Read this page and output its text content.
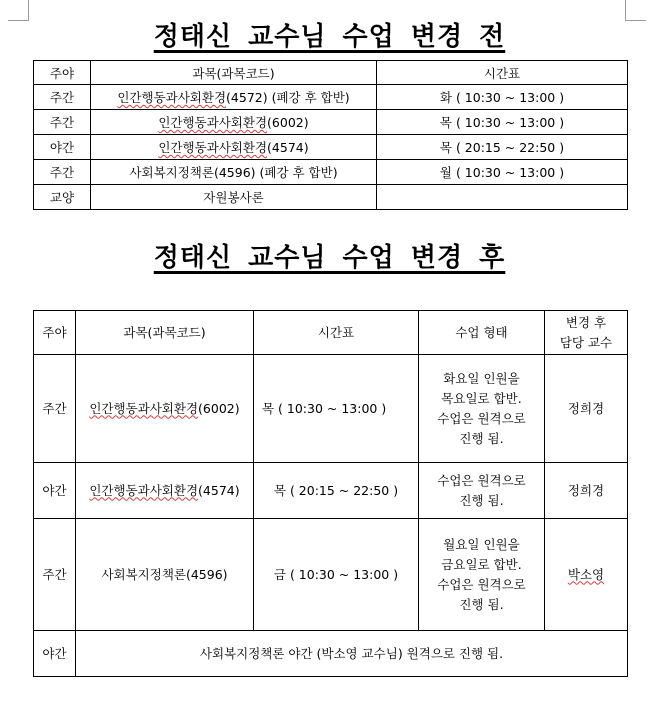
정태신 교수님 수업 변경 전
주야	과목(과목코드)	시간표
주간	인간행동과사회환경(4572) (폐강 후 합반)	화 ( 10:30 ~ 13:00 )
주간	인간행동과사회환경(6002)	목 ( 10:30 ~ 13:00 )
야간	인간행동과사회환경(4574)	목 ( 20:15 ~ 22:50 )
주간	사회복지정책론(4596) (폐강 후 합반)	월 ( 10:30 ~ 13:00 )
교양	자원봉사론	
정태신 교수님 수업 변경 후
주야	과목(과목코드)	시간표	수업 형태	변경 후
담당 교수

주간	인간행동과사회환경(6002)	목 ( 10:30 ~ 13:00 )	화요일 인원을
목요일로 합반.
수업은 원격으로
진행 됨.	정희경
야간	인간행동과사회환경(4574)	목 ( 20:15 ~ 22:50 )	수업은 원격으로
진행 됨.	정희경
주간	사회복지정책론(4596)	금 ( 10:30 ~ 13:00 )	월요일 인원을
금요일로 합반.
수업은 원격으로
진행 됨.	박소영
야간	사회복지정책론 야간 (박소영 교수님) 원격으로 진행 됨.			
